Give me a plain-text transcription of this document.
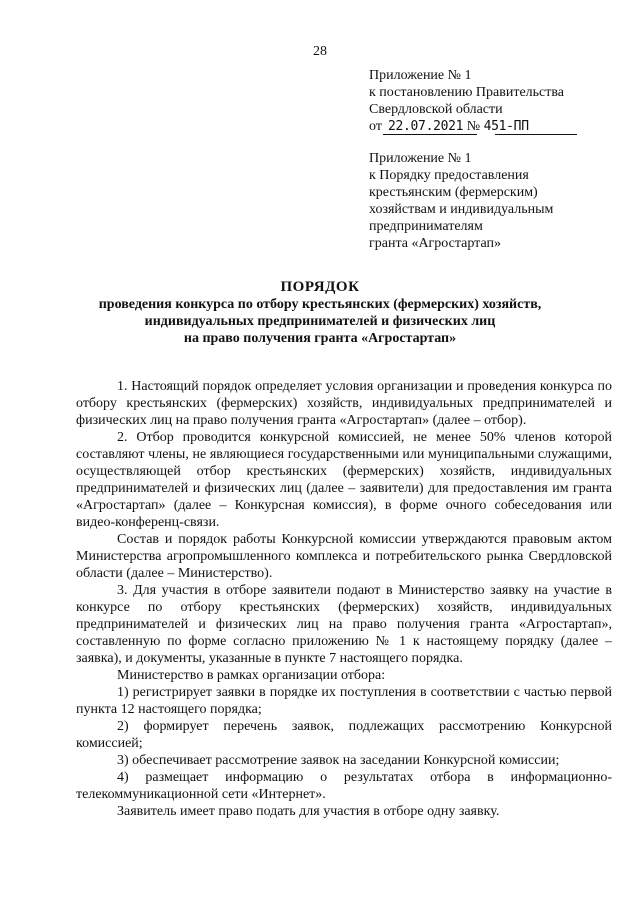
28
Приложение № 1
к постановлению Правительства
Свердловской области
от 22.07.2021 № 451-ПП
Приложение № 1
к Порядку предоставления
крестьянским (фермерским)
хозяйствам и индивидуальным
предпринимателям
гранта «Агростартап»
ПОРЯДОК
проведения конкурса по отбору крестьянских (фермерских) хозяйств,
индивидуальных предпринимателей и физических лиц
на право получения гранта «Агростартап»

1. Настоящий порядок определяет условия организации и проведения конкурса по отбору крестьянских (фермерских) хозяйств, индивидуальных предпринимателей и физических лиц на право получения гранта «Агростартап» (далее – отбор).

2. Отбор проводится конкурсной комиссией, не менее 50% членов которой составляют члены, не являющиеся государственными или муниципальными служащими, осуществляющей отбор крестьянских (фермерских) хозяйств, индивидуальных предпринимателей и физических лиц (далее – заявители) для предоставления им гранта «Агростартап» (далее – Конкурсная комиссия), в форме очного собеседования или видео-конференц-связи.

Состав и порядок работы Конкурсной комиссии утверждаются правовым актом Министерства агропромышленного комплекса и потребительского рынка Свердловской области (далее – Министерство).

3. Для участия в отборе заявители подают в Министерство заявку на участие в конкурсе по отбору крестьянских (фермерских) хозяйств, индивидуальных предпринимателей и физических лиц на право получения гранта «Агростартап», составленную по форме согласно приложению № 1 к настоящему порядку (далее – заявка), и документы, указанные в пункте 7 настоящего порядка.

Министерство в рамках организации отбора:

1) регистрирует заявки в порядке их поступления в соответствии с частью первой пункта 12 настоящего порядка;

2) формирует перечень заявок, подлежащих рассмотрению Конкурсной комиссией;

3) обеспечивает рассмотрение заявок на заседании Конкурсной комиссии;

4) размещает информацию о результатах отбора в информационно-телекоммуникационной сети «Интернет».

Заявитель имеет право подать для участия в отборе одну заявку.
